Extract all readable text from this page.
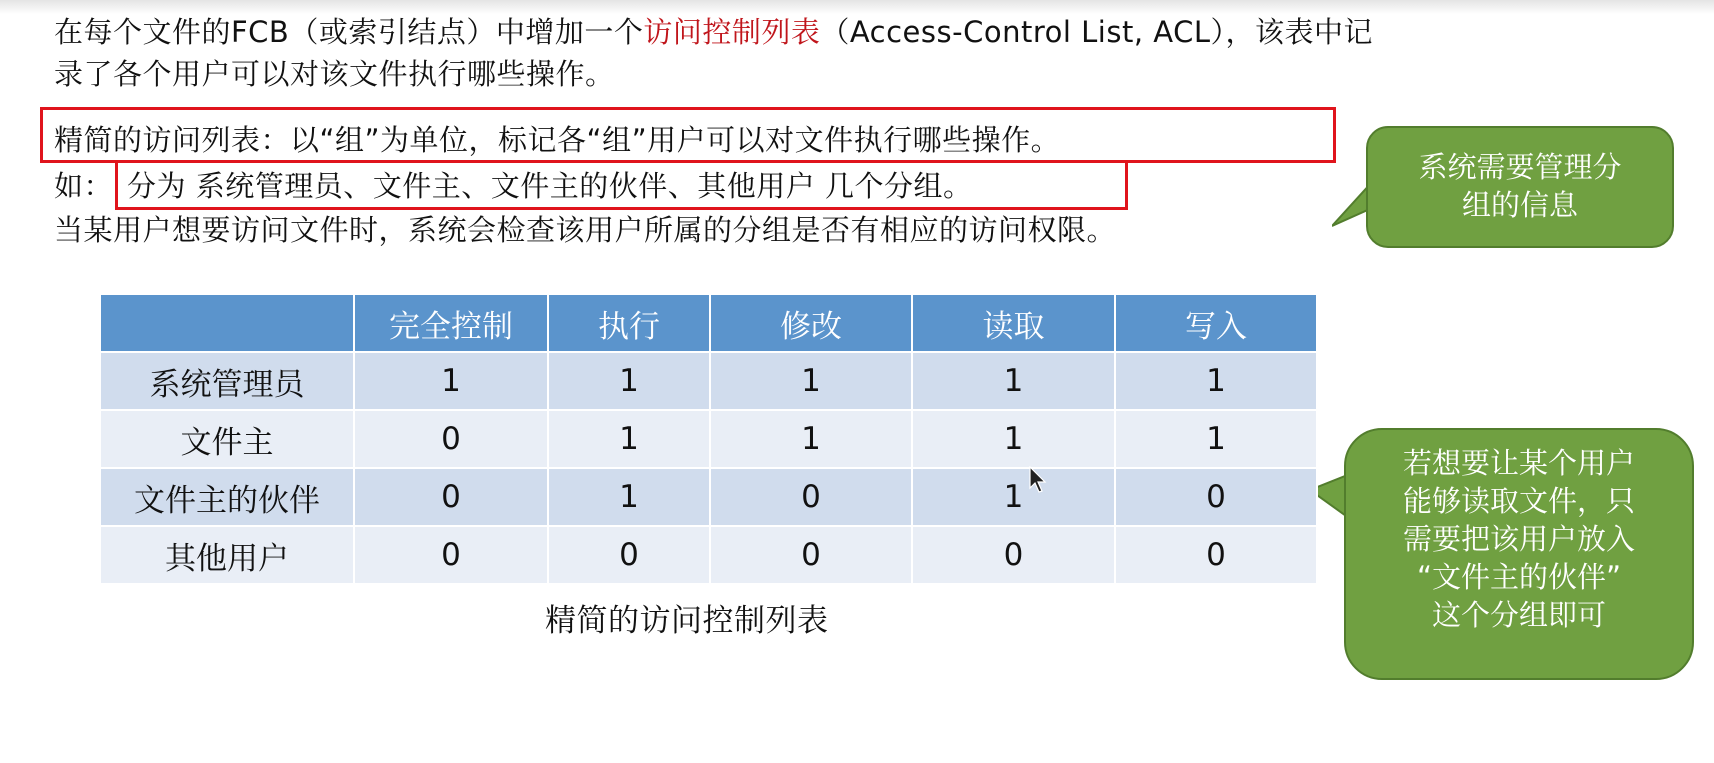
在每个文件的FCB（或索引结点）中增加一个访问控制列表（Access-Control List, ACL），该表中记
录了各个用户可以对该文件执行哪些操作。
精简的访问列表：以“组”为单位，标记各“组”用户可以对文件执行哪些操作。
如： 分为 系统管理员、文件主、文件主的伙伴、其他用户 几个分组。
当某用户想要访问文件时，系统会检查该用户所属的分组是否有相应的访问权限。
系统需要管理分
组的信息
若想要让某个用户
能够读取文件，只
需要把该用户放入
“文件主的伙伴”
这个分组即可
	完全控制	执行	修改	读取	写入
系统管理员	1	1	1	1	1
文件主	0	1	1	1	1
文件主的伙伴	0	1	0	1	0
其他用户	0	0	0	0	0
精简的访问控制列表
